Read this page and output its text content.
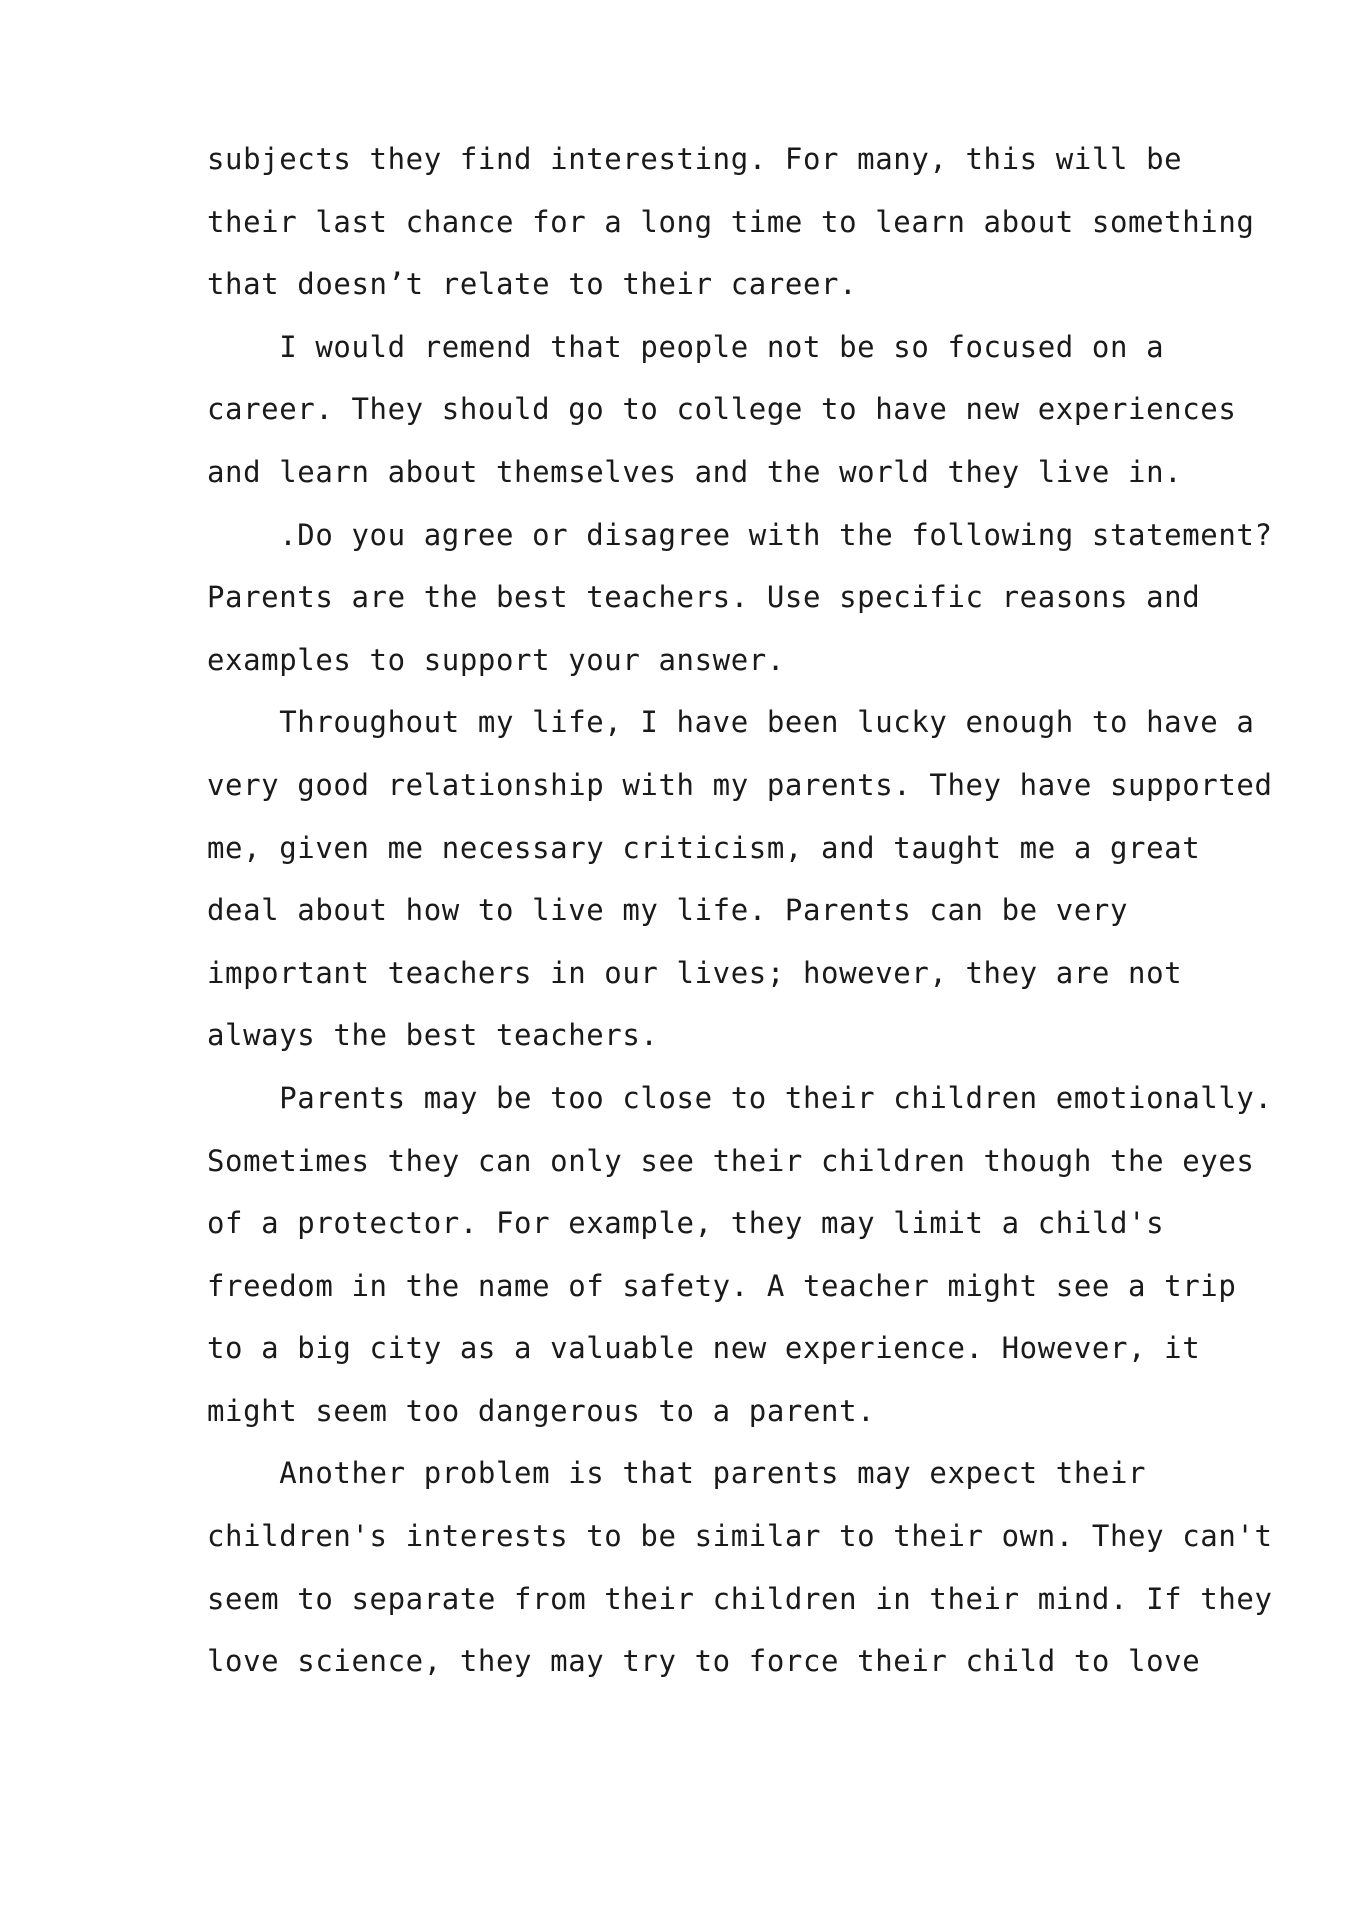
subjects they find interesting. For many, this will be
their last chance for a long time to learn about something
that doesn’t relate to their career.
I would remend that people not be so focused on a
career. They should go to college to have new experiences
and learn about themselves and the world they live in.
.Do you agree or disagree with the following statement?
Parents are the best teachers. Use specific reasons and
examples to support your answer.
Throughout my life, I have been lucky enough to have a
very good relationship with my parents. They have supported
me, given me necessary criticism, and taught me a great
deal about how to live my life. Parents can be very
important teachers in our lives; however, they are not
always the best teachers.
Parents may be too close to their children emotionally.
Sometimes they can only see their children though the eyes
of a protector. For example, they may limit a child's
freedom in the name of safety. A teacher might see a trip
to a big city as a valuable new experience. However, it
might seem too dangerous to a parent.
Another problem is that parents may expect their
children's interests to be similar to their own. They can't
seem to separate from their children in their mind. If they
love science, they may try to force their child to love
